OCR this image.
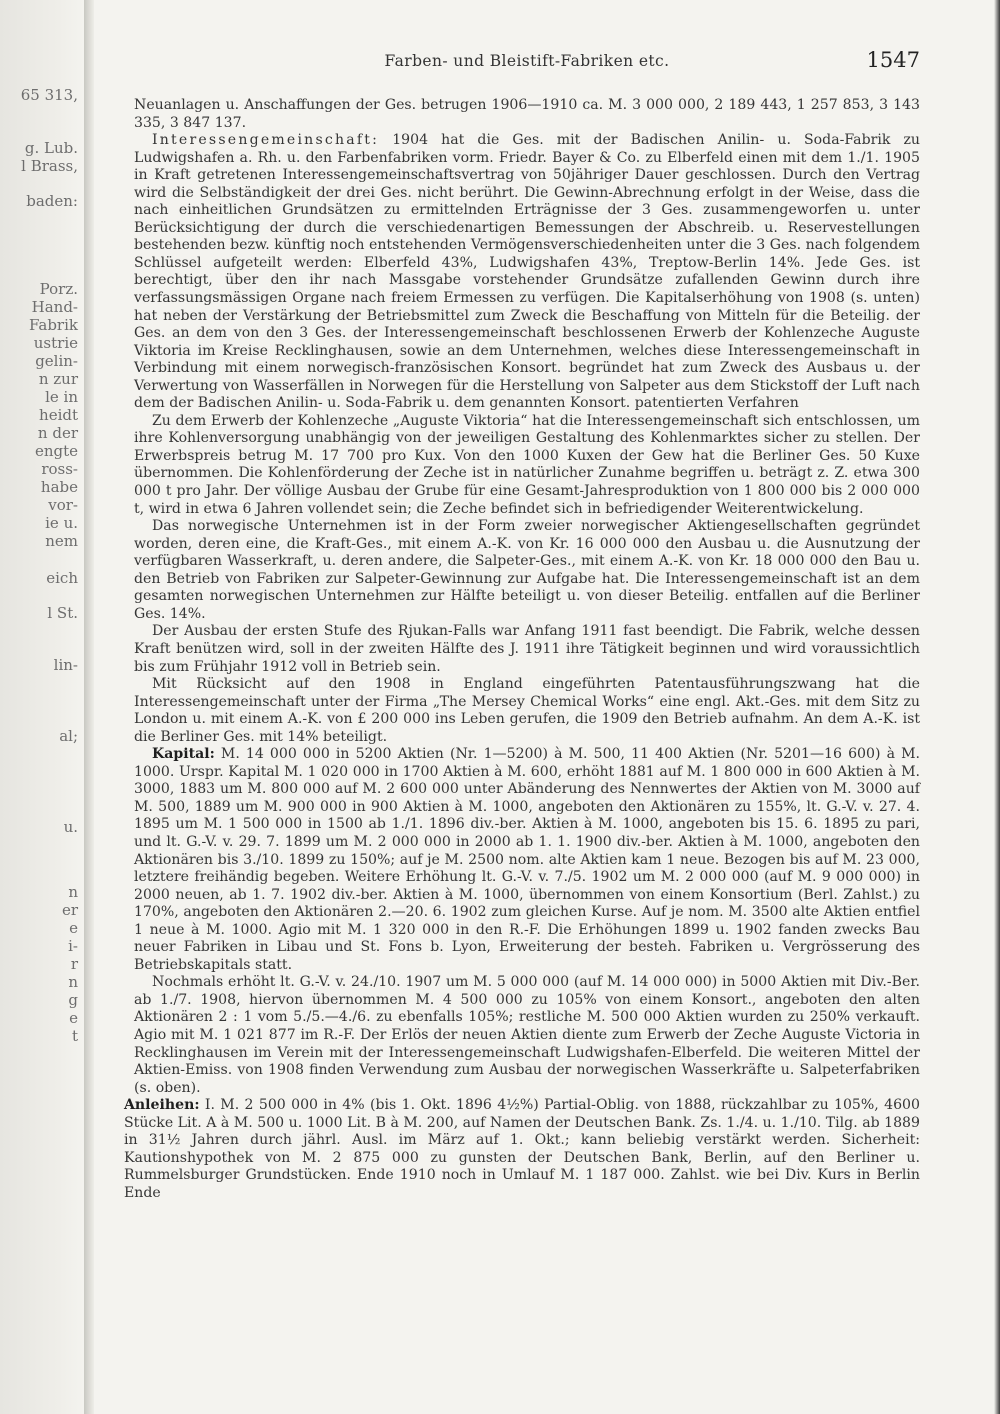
65 313,
g. Lub.
l Brass,
baden:
Porz.
Hand-
Fabrik
ustrie
gelin-
n zur
le in
heidt
n der
engte
ross-
habe
vor-
ie u.
nem
eich
l St.
lin-
al;
u.
n
er
e
i-
r
n
g
e
t
Farben- und Bleistift-Fabriken etc.	1547

Neuanlagen u. Anschaffungen der Ges. betrugen 1906—1910 ca. M. 3 000 000, 2 189 443, 1 257 853, 3 143 335, 3 847 137.

Interessengemeinschaft: 1904 hat die Ges. mit der Badischen Anilin- u. Soda-Fabrik zu Ludwigshafen a. Rh. u. den Farbenfabriken vorm. Friedr. Bayer & Co. zu Elberfeld einen mit dem 1./1. 1905 in Kraft getretenen Interessengemeinschaftsvertrag von 50jähriger Dauer geschlossen. Durch den Vertrag wird die Selbständigkeit der drei Ges. nicht berührt. Die Gewinn-Abrechnung erfolgt in der Weise, dass die nach einheitlichen Grundsätzen zu ermittelnden Erträgnisse der 3 Ges. zusammengeworfen u. unter Berücksichtigung der durch die verschiedenartigen Bemessungen der Abschreib. u. Reservestellungen bestehenden bezw. künftig noch entstehenden Vermögensverschiedenheiten unter die 3 Ges. nach folgendem Schlüssel aufgeteilt werden: Elberfeld 43%, Ludwigshafen 43%, Treptow-Berlin 14%. Jede Ges. ist berechtigt, über den ihr nach Massgabe vorstehender Grundsätze zufallenden Gewinn durch ihre verfassungsmässigen Organe nach freiem Ermessen zu verfügen. Die Kapitalserhöhung von 1908 (s. unten) hat neben der Verstärkung der Betriebsmittel zum Zweck die Beschaffung von Mitteln für die Beteilig. der Ges. an dem von den 3 Ges. der Interessengemeinschaft beschlossenen Erwerb der Kohlenzeche Auguste Viktoria im Kreise Recklinghausen, sowie an dem Unternehmen, welches diese Interessengemeinschaft in Verbindung mit einem norwegisch-französischen Konsort. begründet hat zum Zweck des Ausbaus u. der Verwertung von Wasserfällen in Norwegen für die Herstellung von Salpeter aus dem Stickstoff der Luft nach dem der Badischen Anilin- u. Soda-Fabrik u. dem genannten Konsort. patentierten Verfahren

Zu dem Erwerb der Kohlenzeche „Auguste Viktoria“ hat die Interessengemeinschaft sich entschlossen, um ihre Kohlenversorgung unabhängig von der jeweiligen Gestaltung des Kohlenmarktes sicher zu stellen. Der Erwerbspreis betrug M. 17 700 pro Kux. Von den 1000 Kuxen der Gew hat die Berliner Ges. 50 Kuxe übernommen. Die Kohlenförderung der Zeche ist in natürlicher Zunahme begriffen u. beträgt z. Z. etwa 300 000 t pro Jahr. Der völlige Ausbau der Grube für eine Gesamt-Jahresproduktion von 1 800 000 bis 2 000 000 t, wird in etwa 6 Jahren vollendet sein; die Zeche befindet sich in befriedigender Weiterentwickelung.

Das norwegische Unternehmen ist in der Form zweier norwegischer Aktiengesellschaften gegründet worden, deren eine, die Kraft-Ges., mit einem A.-K. von Kr. 16 000 000 den Ausbau u. die Ausnutzung der verfügbaren Wasserkraft, u. deren andere, die Salpeter-Ges., mit einem A.-K. von Kr. 18 000 000 den Bau u. den Betrieb von Fabriken zur Salpeter-Gewinnung zur Aufgabe hat. Die Interessengemeinschaft ist an dem gesamten norwegischen Unternehmen zur Hälfte beteiligt u. von dieser Beteilig. entfallen auf die Berliner Ges. 14%.

Der Ausbau der ersten Stufe des Rjukan-Falls war Anfang 1911 fast beendigt. Die Fabrik, welche dessen Kraft benützen wird, soll in der zweiten Hälfte des J. 1911 ihre Tätigkeit beginnen und wird voraussichtlich bis zum Frühjahr 1912 voll in Betrieb sein.

Mit Rücksicht auf den 1908 in England eingeführten Patentausführungszwang hat die Interessengemeinschaft unter der Firma „The Mersey Chemical Works“ eine engl. Akt.-Ges. mit dem Sitz zu London u. mit einem A.-K. von £ 200 000 ins Leben gerufen, die 1909 den Betrieb aufnahm. An dem A.-K. ist die Berliner Ges. mit 14% beteiligt.

Kapital: M. 14 000 000 in 5200 Aktien (Nr. 1—5200) à M. 500, 11 400 Aktien (Nr. 5201—16 600) à M. 1000. Urspr. Kapital M. 1 020 000 in 1700 Aktien à M. 600, erhöht 1881 auf M. 1 800 000 in 600 Aktien à M. 3000, 1883 um M. 800 000 auf M. 2 600 000 unter Abänderung des Nennwertes der Aktien von M. 3000 auf M. 500, 1889 um M. 900 000 in 900 Aktien à M. 1000, angeboten den Aktionären zu 155%, lt. G.-V. v. 27. 4. 1895 um M. 1 500 000 in 1500 ab 1./1. 1896 div.-ber. Aktien à M. 1000, angeboten bis 15. 6. 1895 zu pari, und lt. G.-V. v. 29. 7. 1899 um M. 2 000 000 in 2000 ab 1. 1. 1900 div.-ber. Aktien à M. 1000, angeboten den Aktionären bis 3./10. 1899 zu 150%; auf je M. 2500 nom. alte Aktien kam 1 neue. Bezogen bis auf M. 23 000, letztere freihändig begeben. Weitere Erhöhung lt. G.-V. v. 7./5. 1902 um M. 2 000 000 (auf M. 9 000 000) in 2000 neuen, ab 1. 7. 1902 div.-ber. Aktien à M. 1000, übernommen von einem Konsortium (Berl. Zahlst.) zu 170%, angeboten den Aktionären 2.—20. 6. 1902 zum gleichen Kurse. Auf je nom. M. 3500 alte Aktien entfiel 1 neue à M. 1000. Agio mit M. 1 320 000 in den R.-F. Die Erhöhungen 1899 u. 1902 fanden zwecks Bau neuer Fabriken in Libau und St. Fons b. Lyon, Erweiterung der besteh. Fabriken u. Vergrösserung des Betriebskapitals statt.

Nochmals erhöht lt. G.-V. v. 24./10. 1907 um M. 5 000 000 (auf M. 14 000 000) in 5000 Aktien mit Div.-Ber. ab 1./7. 1908, hiervon übernommen M. 4 500 000 zu 105% von einem Konsort., angeboten den alten Aktionären 2 : 1 vom 5./5.—4./6. zu ebenfalls 105%; restliche M. 500 000 Aktien wurden zu 250% verkauft. Agio mit M. 1 021 877 im R.-F. Der Erlös der neuen Aktien diente zum Erwerb der Zeche Auguste Victoria in Recklinghausen im Verein mit der Interessengemeinschaft Ludwigshafen-Elberfeld. Die weiteren Mittel der Aktien-Emiss. von 1908 finden Verwendung zum Ausbau der norwegischen Wasserkräfte u. Salpeterfabriken (s. oben).

Anleihen: I. M. 2 500 000 in 4% (bis 1. Okt. 1896 4½%) Partial-Oblig. von 1888, rückzahlbar zu 105%, 4600 Stücke Lit. A à M. 500 u. 1000 Lit. B à M. 200, auf Namen der Deutschen Bank. Zs. 1./4. u. 1./10. Tilg. ab 1889 in 31½ Jahren durch jährl. Ausl. im März auf 1. Okt.; kann beliebig verstärkt werden. Sicherheit: Kautionshypothek von M. 2 875 000 zu gunsten der Deutschen Bank, Berlin, auf den Berliner u. Rummelsburger Grundstücken. Ende 1910 noch in Umlauf M. 1 187 000. Zahlst. wie bei Div. Kurs in Berlin Ende
